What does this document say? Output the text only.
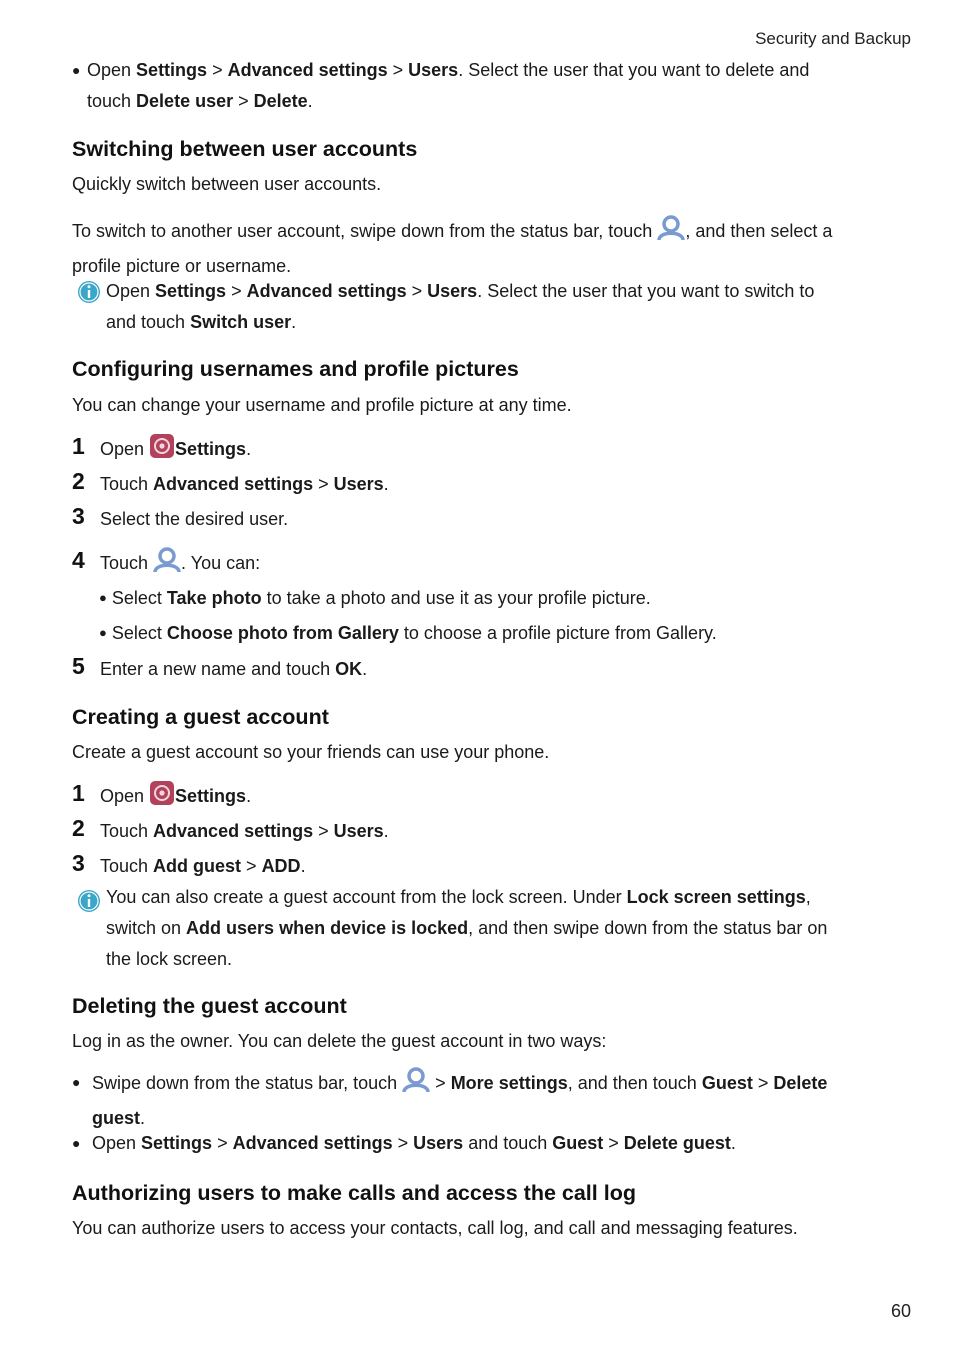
Security and Backup
● Open Settings > Advanced settings > Users. Select the user that you want to delete and
touch Delete user > Delete.
Switching between user accounts
Quickly switch between user accounts.
To switch to another user account, swipe down from the status bar, touch , and then select a
profile picture or username.
Open Settings > Advanced settings > Users. Select the user that you want to switch to
and touch Switch user.
Configuring usernames and profile pictures
You can change your username and profile picture at any time.
1 Open Settings.
2 Touch Advanced settings > Users.
3 Select the desired user.
4 Touch . You can:
● Select Take photo to take a photo and use it as your profile picture.
● Select Choose photo from Gallery to choose a profile picture from Gallery.
5 Enter a new name and touch OK.
Creating a guest account
Create a guest account so your friends can use your phone.
1 Open Settings.
2 Touch Advanced settings > Users.
3 Touch Add guest > ADD.
You can also create a guest account from the lock screen. Under Lock screen settings,
switch on Add users when device is locked, and then swipe down from the status bar on
the lock screen.
Deleting the guest account
Log in as the owner. You can delete the guest account in two ways:
● Swipe down from the status bar, touch  > More settings, and then touch Guest > Delete
guest.
● Open Settings > Advanced settings > Users and touch Guest > Delete guest.
Authorizing users to make calls and access the call log
You can authorize users to access your contacts, call log, and call and messaging features.
60
